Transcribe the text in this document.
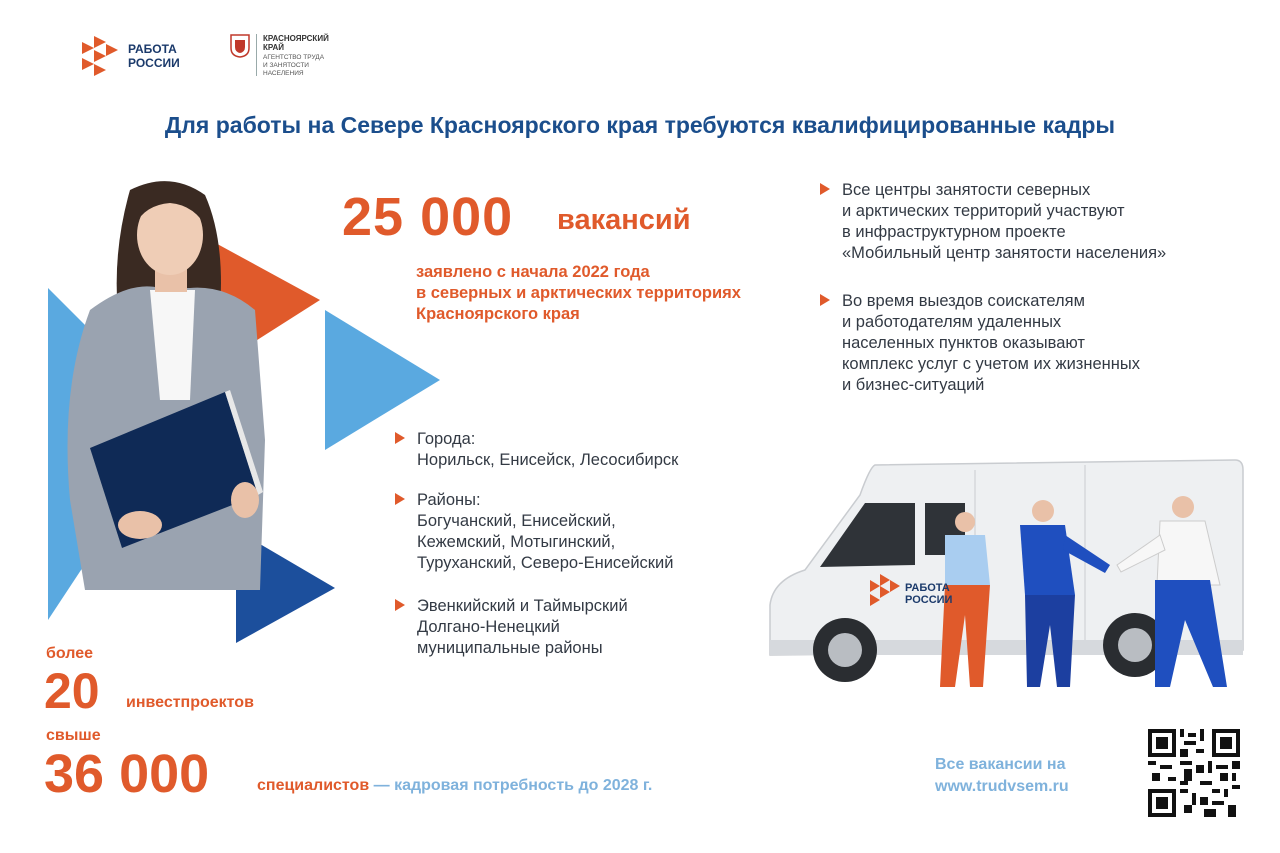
РАБОТА
РОССИИ
КРАСНОЯРСКИЙ
КРАЙ
АГЕНТСТВО ТРУДА
И ЗАНЯТОСТИ
НАСЕЛЕНИЯ
Для работы на Севере Красноярского края требуются квалифицированные кадры
25 000 вакансий
заявлено с начала 2022 года
в северных и арктических территориях
Красноярского края
Все центры занятости северных
и арктических территорий участвуют
в инфраструктурном проекте
«Мобильный центр занятости населения»
Во время выездов соискателям
и работодателям удаленных
населенных пунктов оказывают
комплекс услуг с учетом их жизненных
и бизнес-ситуаций
Города:
Норильск, Енисейск, Лесосибирск
Районы:
Богучанский, Енисейский,
Кежемский, Мотыгинский,
Туруханский, Северо-Енисейский
Эвенкийский и Таймырский
Долгано-Ненецкий
муниципальные районы
РАБОТА
РОССИИ
более
20 инвестпроектов
свыше
36 000	специалистов — кадровая потребность до 2028 г.
Все вакансии на
www.trudvsem.ru
